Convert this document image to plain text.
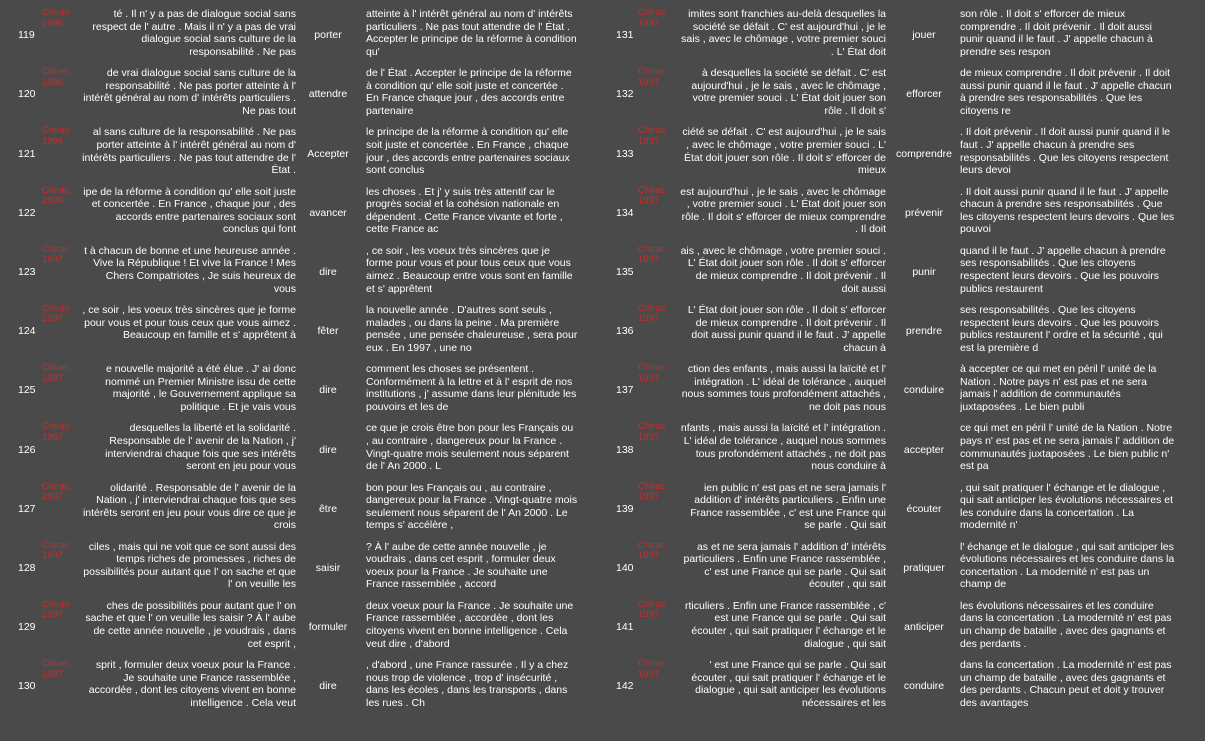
119
Chirac 1996
té . Il n' y a pas de dialogue social sans respect de l' autre . Mais il n' y a pas de vrai dialogue social sans culture de la responsabilité . Ne pas
porter
atteinte à l' intérêt général au nom d' intérêts particuliers . Ne pas tout attendre de l' État . Accepter le principe de la réforme à condition qu'
120
Chirac 1996
de vrai dialogue social sans culture de la responsabilité . Ne pas porter atteinte à l' intérêt général au nom d' intérêts particuliers . Ne pas tout
attendre
de l' État . Accepter le principe de la réforme à condition qu' elle soit juste et concertée . En France chaque jour , des accords entre partenaire
121
Chirac 1996
al sans culture de la responsabilité . Ne pas porter atteinte à l' intérêt général au nom d' intérêts particuliers . Ne pas tout attendre de l' État .
Accepter
le principe de la réforme à condition qu' elle soit juste et concertée . En France , chaque jour , des accords entre partenaires sociaux sont conclus
122
Chirac 1996
ipe de la réforme à condition qu' elle soit juste et concertée . En France , chaque jour , des accords entre partenaires sociaux sont conclus qui font
avancer
les choses . Et j' y suis très attentif car le progrès social et la cohésion nationale en dépendent . Cette France vivante et forte , cette France ac
123
Chirac 1997
t à chacun de bonne et une heureuse année . Vive la République ! Et vive la France ! Mes Chers Compatriotes , Je suis heureux de vous
dire
, ce soir , les voeux très sincères que je forme pour vous et pour tous ceux que vous aimez . Beaucoup entre vous sont en famille et s' apprêtent
124
Chirac 1997
, ce soir , les voeux très sincères que je forme pour vous et pour tous ceux que vous aimez . Beaucoup en famille et s' apprêtent à	fêter
la nouvelle année . D'autres sont seuls , malades , ou dans la peine . Ma première pensée , une pensée chaleureuse , sera pour eux . En 1997 , une no
125
Chirac 1997
e nouvelle majorité a été élue . J' ai donc nommé un Premier Ministre issu de cette majorité , le Gouvernement applique sa politique . Et je vais vous
dire
comment les choses se présentent . Conformément à la lettre et à l' esprit de nos institutions , j' assume dans leur plénitude les pouvoirs et les de
126
Chirac 1997
desquelles la liberté et la solidarité . Responsable de l' avenir de la Nation , j' interviendrai chaque fois que ses intérêts seront en jeu pour vous
dire
ce que je crois être bon pour les Français ou , au contraire , dangereux pour la France . Vingt-quatre mois seulement nous séparent de l' An 2000 . L
127
Chirac 1997
olidarité . Responsable de l' avenir de la Nation , j' interviendrai chaque fois que ses intérêts seront en jeu pour vous dire ce que je crois
être
bon pour les Français ou , au contraire , dangereux pour la France . Vingt-quatre mois seulement nous séparent de l' An 2000 . Le temps s' accélère ,
128
Chirac 1997
ciles , mais qui ne voit que ce sont aussi des temps riches de promesses , riches de possibilités pour autant que l' on sache et que l' on veuille les
saisir
? À l' aube de cette année nouvelle , je voudrais , dans cet esprit , formuler deux voeux pour la France . Je souhaite une France rassemblée , accord
129
Chirac 1997
ches de possibilités pour autant que l' on sache et que l' on veuille les saisir ? À l' aube de cette année nouvelle , je voudrais , dans cet esprit ,
formuler
deux voeux pour la France . Je souhaite une France rassemblée , accordée , dont les citoyens vivent en bonne intelligence . Cela veut dire , d'abord
130
Chirac 1997
sprit , formuler deux voeux pour la France . Je souhaite une France rassemblée , accordée , dont les citoyens vivent en bonne intelligence . Cela veut
dire
, d'abord , une France rassurée . Il y a chez nous trop de violence , trop d' insécurité , dans les écoles , dans les transports , dans les rues . Ch
131
Chirac 1997
imites sont franchies au-delà desquelles la société se défait . C' est aujourd'hui , je le sais , avec le chômage , votre premier souci . L' État doit
jouer
son rôle . Il doit s' efforcer de mieux comprendre . Il doit prévenir . Il doit aussi punir quand il le faut . J' appelle chacun à prendre ses respon
132
Chirac 1997
à desquelles la société se défait . C' est aujourd'hui , je le sais , avec le chômage , votre premier souci . L' État doit jouer son rôle . Il doit s'
efforcer
de mieux comprendre . Il doit prévenir . Il doit aussi punir quand il le faut . J' appelle chacun à prendre ses responsabilités . Que les citoyens re
133
Chirac 1997
ciété se défait . C' est aujourd'hui , je le sais , avec le chômage , votre premier souci . L' État doit jouer son rôle . Il doit s' efforcer de mieux
comprendre
. Il doit prévenir . Il doit aussi punir quand il le faut . J' appelle chacun à prendre ses responsabilités . Que les citoyens respectent leurs devoi
134
Chirac 1997
est aujourd'hui , je le sais , avec le chômage , votre premier souci . L' État doit jouer son rôle . Il doit s' efforcer de mieux comprendre . Il doit
prévenir
. Il doit aussi punir quand il le faut . J' appelle chacun à prendre ses responsabilités . Que les citoyens respectent leurs devoirs . Que les pouvoi
135
Chirac 1997
ais , avec le chômage , votre premier souci . L' État doit jouer son rôle . Il doit s' efforcer de mieux comprendre . Il doit prévenir . Il doit aussi
punir
quand il le faut . J' appelle chacun à prendre ses responsabilités . Que les citoyens respectent leurs devoirs . Que les pouvoirs publics restaurent
136
Chirac 1997
L' État doit jouer son rôle . Il doit s' efforcer de mieux comprendre . Il doit prévenir . Il doit aussi punir quand il le faut . J' appelle chacun à
prendre
ses responsabilités . Que les citoyens respectent leurs devoirs . Que les pouvoirs publics restaurent l' ordre et la sécurité , qui est la première d
137
Chirac 1997
ction des enfants , mais aussi la laïcité et l' intégration . L' idéal de tolérance , auquel nous sommes tous profondément attachés , ne doit pas nous
conduire
à accepter ce qui met en péril l' unité de la Nation . Notre pays n' est pas et ne sera jamais l' addition de communautés juxtaposées . Le bien publi
138
Chirac 1997
nfants , mais aussi la laïcité et l' intégration . L' idéal de tolérance , auquel nous sommes tous profondément attachés , ne doit pas nous conduire à
accepter
ce qui met en péril l' unité de la Nation . Notre pays n' est pas et ne sera jamais l' addition de communautés juxtaposées . Le bien public n' est pa
139
Chirac 1997
ien public n' est pas et ne sera jamais l' addition d' intérêts particuliers . Enfin une France rassemblée , c' est une France qui se parle . Qui sait
écouter
, qui sait pratiquer l' échange et le dialogue , qui sait anticiper les évolutions nécessaires et les conduire dans la concertation . La modernité n'
140
Chirac 1997
as et ne sera jamais l' addition d' intérêts particuliers . Enfin une France rassemblée , c' est une France qui se parle . Qui sait écouter , qui sait
pratiquer
l' échange et le dialogue , qui sait anticiper les évolutions nécessaires et les conduire dans la concertation . La modernité n' est pas un champ de
141
Chirac 1997
rticuliers . Enfin une France rassemblée , c' est une France qui se parle . Qui sait écouter , qui sait pratiquer l' échange et le dialogue , qui sait
anticiper
les évolutions nécessaires et les conduire dans la concertation . La modernité n' est pas un champ de bataille , avec des gagnants et des perdants .
142
Chirac 1997
' est une France qui se parle . Qui sait écouter , qui sait pratiquer l' échange et le dialogue , qui sait anticiper les évolutions nécessaires et les
conduire
dans la concertation . La modernité n' est pas un champ de bataille , avec des gagnants et des perdants . Chacun peut et doit y trouver des avantages
